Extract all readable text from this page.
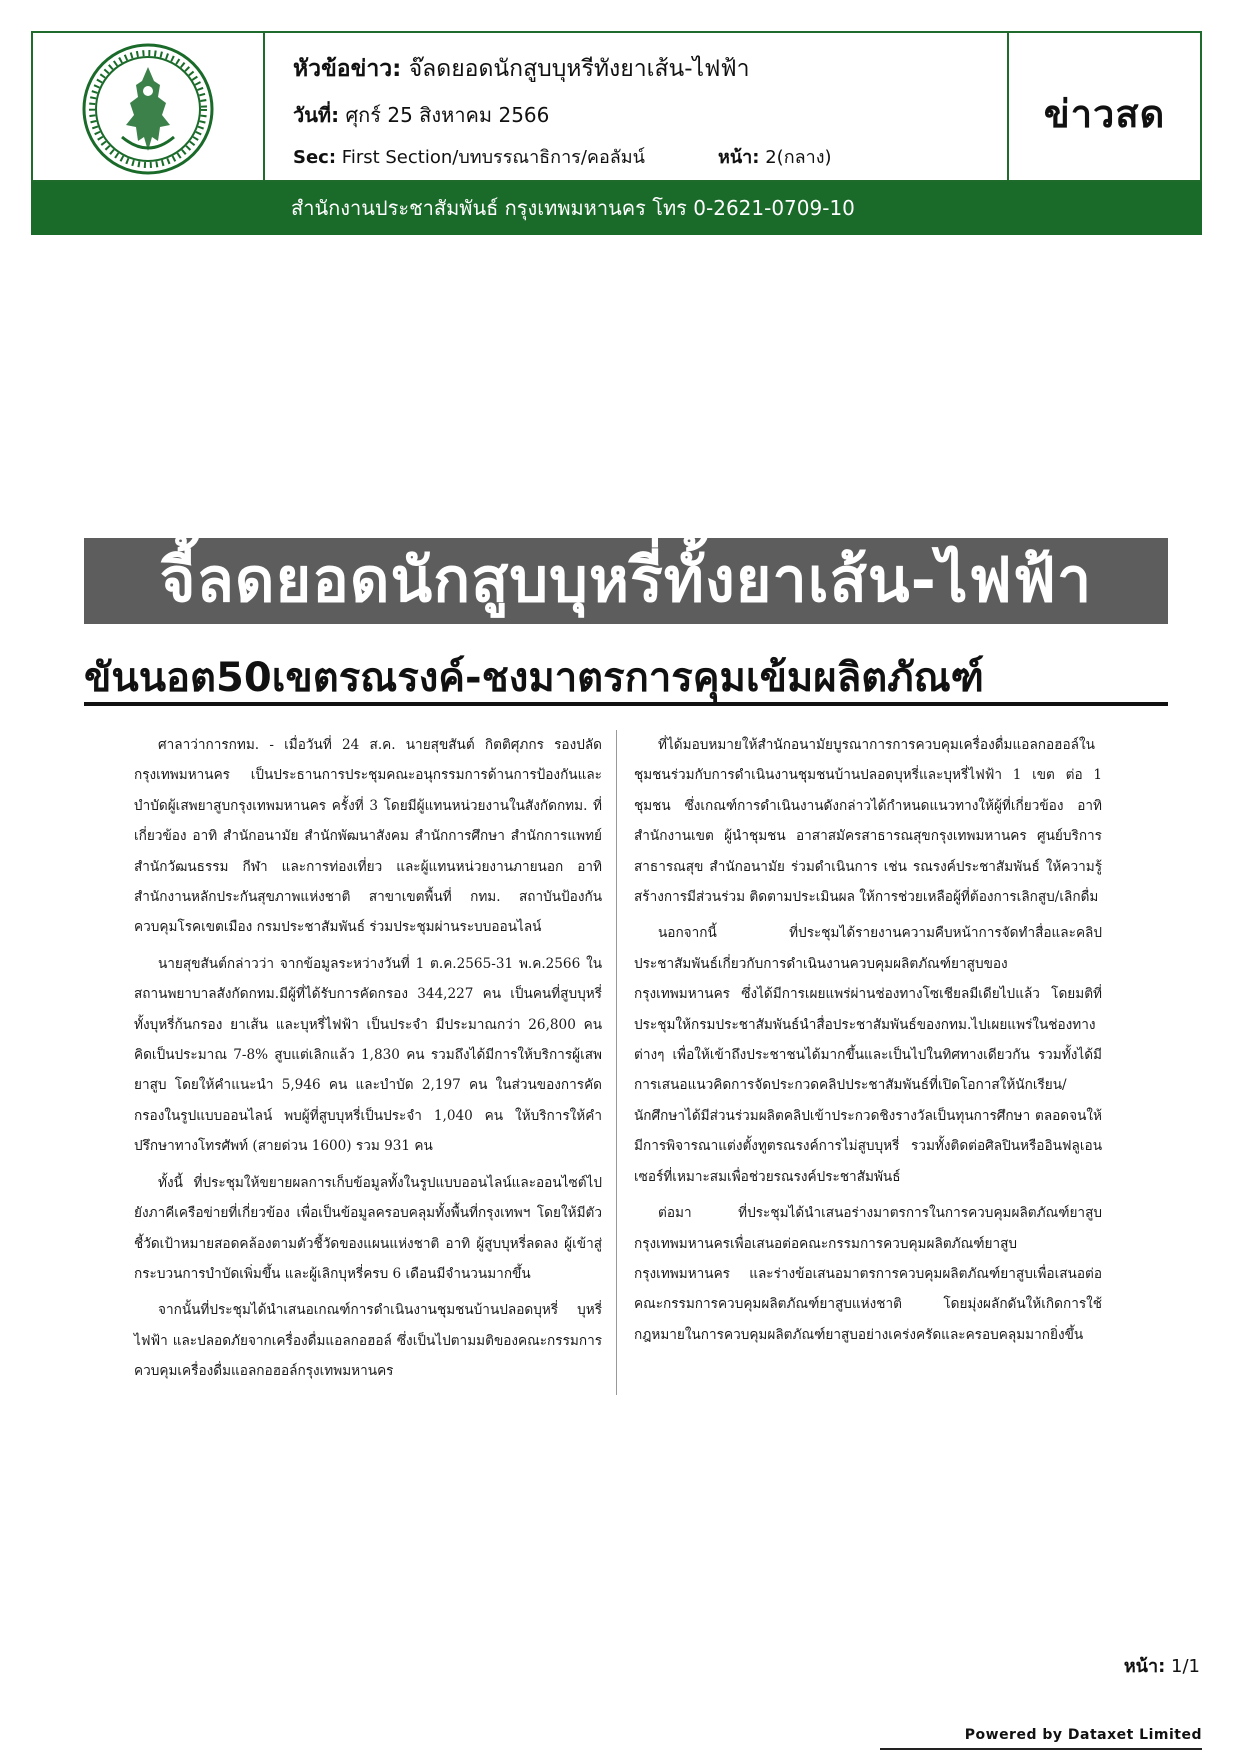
หัวข้อข่าว: จ๊ลดยอดนักสูบบุหรีทังยาเส้น-ไฟฟ้า
วันที่: ศุกร์ 25 สิงหาคม 2566
Sec: First Section/บทบรรณาธิการ/คอลัมน์	หน้า: 2(กลาง)
ข่าวสด
สำนักงานประชาสัมพันธ์ กรุงเทพมหานคร โทร 0-2621-0709-10
จี้ลดยอดนักสูบบุหรี่ทั้งยาเส้น-ไฟฟ้า
ขันนอต50เขตรณรงค์-ชงมาตรการคุมเข้มผลิตภัณฑ์

ศาลาว่าการกทม. - เมื่อวันที่ 24 ส.ค. นายสุขสันต์ กิตติศุภกร รองปลัดกรุงเทพมหานคร เป็นประธานการประชุมคณะอนุกรรมการด้านการป้องกันและบำบัดผู้เสพยาสูบกรุงเทพมหานคร ครั้งที่ 3 โดยมีผู้แทนหน่วยงานในสังกัดกทม. ที่เกี่ยวข้อง อาทิ สำนักอนามัย สำนักพัฒนาสังคม สำนักการศึกษา สำนักการแพทย์ สำนักวัฒนธรรม กีฬา และการท่องเที่ยว และผู้แทนหน่วยงานภายนอก อาทิ สำนักงานหลักประกันสุขภาพแห่งชาติ สาขาเขตพื้นที่ กทม. สถาบันป้องกันควบคุมโรคเขตเมือง กรมประชาสัมพันธ์ ร่วมประชุมผ่านระบบออนไลน์

นายสุขสันต์กล่าวว่า จากข้อมูลระหว่างวันที่ 1 ต.ค.2565-31 พ.ค.2566 ในสถานพยาบาลสังกัดกทม.มีผู้ที่ได้รับการคัดกรอง 344,227 คน เป็นคนที่สูบบุหรี่ ทั้งบุหรี่ก้นกรอง ยาเส้น และบุหรี่ไฟฟ้า เป็นประจำ มีประมาณกว่า 26,800 คน คิดเป็นประมาณ 7-8% สูบแต่เลิกแล้ว 1,830 คน รวมถึงได้มีการให้บริการผู้เสพยาสูบ โดยให้คำแนะนำ 5,946 คน และบำบัด 2,197 คน ในส่วนของการคัดกรองในรูปแบบออนไลน์ พบผู้ที่สูบบุหรี่เป็นประจำ 1,040 คน ให้บริการให้คำปรึกษาทางโทรศัพท์ (สายด่วน 1600) รวม 931 คน

ทั้งนี้ ที่ประชุมให้ขยายผลการเก็บข้อมูลทั้งในรูปแบบออนไลน์และออนไซต์ไปยังภาคีเครือข่ายที่เกี่ยวข้อง เพื่อเป็นข้อมูลครอบคลุมทั้งพื้นที่กรุงเทพฯ โดยให้มีตัวชี้วัดเป้าหมายสอดคล้องตามตัวชี้วัดของแผนแห่งชาติ อาทิ ผู้สูบบุหรี่ลดลง ผู้เข้าสู่กระบวนการบำบัดเพิ่มขึ้น และผู้เลิกบุหรี่ครบ 6 เดือนมีจำนวนมากขึ้น

จากนั้นที่ประชุมได้นำเสนอเกณฑ์การดำเนินงานชุมชนบ้านปลอดบุหรี่ บุหรี่ไฟฟ้า และปลอดภัยจากเครื่องดื่มแอลกอฮอล์ ซึ่งเป็นไปตามมติของคณะกรรมการควบคุมเครื่องดื่มแอลกอฮอล์กรุงเทพมหานคร

ที่ได้มอบหมายให้สำนักอนามัยบูรณาการการควบคุมเครื่องดื่มแอลกอฮอล์ในชุมชนร่วมกับการดำเนินงานชุมชนบ้านปลอดบุหรี่และบุหรี่ไฟฟ้า 1 เขต ต่อ 1 ชุมชน ซึ่งเกณฑ์การดำเนินงานดังกล่าวได้กำหนดแนวทางให้ผู้ที่เกี่ยวข้อง อาทิ สำนักงานเขต ผู้นำชุมชน อาสาสมัครสาธารณสุขกรุงเทพมหานคร ศูนย์บริการสาธารณสุข สำนักอนามัย ร่วมดำเนินการ เช่น รณรงค์ประชาสัมพันธ์ ให้ความรู้ สร้างการมีส่วนร่วม ติดตามประเมินผล ให้การช่วยเหลือผู้ที่ต้องการเลิกสูบ/เลิกดื่ม

นอกจากนี้ ที่ประชุมได้รายงานความคืบหน้าการจัดทำสื่อและคลิปประชาสัมพันธ์เกี่ยวกับการดำเนินงานควบคุมผลิตภัณฑ์ยาสูบของกรุงเทพมหานคร ซึ่งได้มีการเผยแพร่ผ่านช่องทางโซเชียลมีเดียไปแล้ว โดยมติที่ประชุมให้กรมประชาสัมพันธ์นำสื่อประชาสัมพันธ์ของกทม.ไปเผยแพร่ในช่องทางต่างๆ เพื่อให้เข้าถึงประชาชนได้มากขึ้นและเป็นไปในทิศทางเดียวกัน รวมทั้งได้มีการเสนอแนวคิดการจัดประกวดคลิปประชาสัมพันธ์ที่เปิดโอกาสให้นักเรียน/นักศึกษาได้มีส่วนร่วมผลิตคลิปเข้าประกวดชิงรางวัลเป็นทุนการศึกษา ตลอดจนให้มีการพิจารณาแต่งตั้งทูตรณรงค์การไม่สูบบุหรี่ รวมทั้งติดต่อศิลปินหรืออินฟลูเอนเซอร์ที่เหมาะสมเพื่อช่วยรณรงค์ประชาสัมพันธ์

ต่อมา ที่ประชุมได้นำเสนอร่างมาตรการในการควบคุมผลิตภัณฑ์ยาสูบกรุงเทพมหานครเพื่อเสนอต่อคณะกรรมการควบคุมผลิตภัณฑ์ยาสูบกรุงเทพมหานคร และร่างข้อเสนอมาตรการควบคุมผลิตภัณฑ์ยาสูบเพื่อเสนอต่อคณะกรรมการควบคุมผลิตภัณฑ์ยาสูบแห่งชาติ โดยมุ่งผลักดันให้เกิดการใช้กฎหมายในการควบคุมผลิตภัณฑ์ยาสูบอย่างเคร่งครัดและครอบคลุมมากยิ่งขึ้น

หน้า: 1/1
Powered by Dataxet Limited
